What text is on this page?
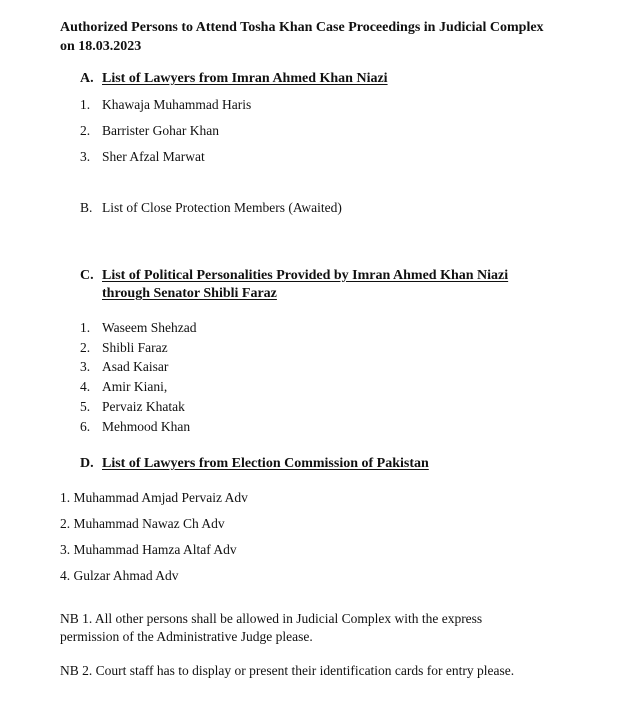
Authorized Persons to Attend Tosha Khan Case Proceedings in Judicial Complex
on 18.03.2023
A. List of Lawyers from Imran Ahmed Khan Niazi
1. Khawaja Muhammad Haris
2. Barrister Gohar Khan
3. Sher Afzal Marwat
B. List of Close Protection Members (Awaited)
C. List of Political Personalities Provided by Imran Ahmed Khan Niazi
through Senator Shibli Faraz
1. Waseem Shehzad
2. Shibli Faraz
3. Asad Kaisar
4. Amir Kiani,
5. Pervaiz Khatak
6. Mehmood Khan
D. List of Lawyers from Election Commission of Pakistan
1. Muhammad Amjad Pervaiz Adv
2. Muhammad Nawaz Ch Adv
3. Muhammad Hamza Altaf Adv
4. Gulzar Ahmad Adv
NB 1. All other persons shall be allowed in Judicial Complex with the express
permission of the Administrative Judge please.
NB 2. Court staff has to display or present their identification cards for entry please.
